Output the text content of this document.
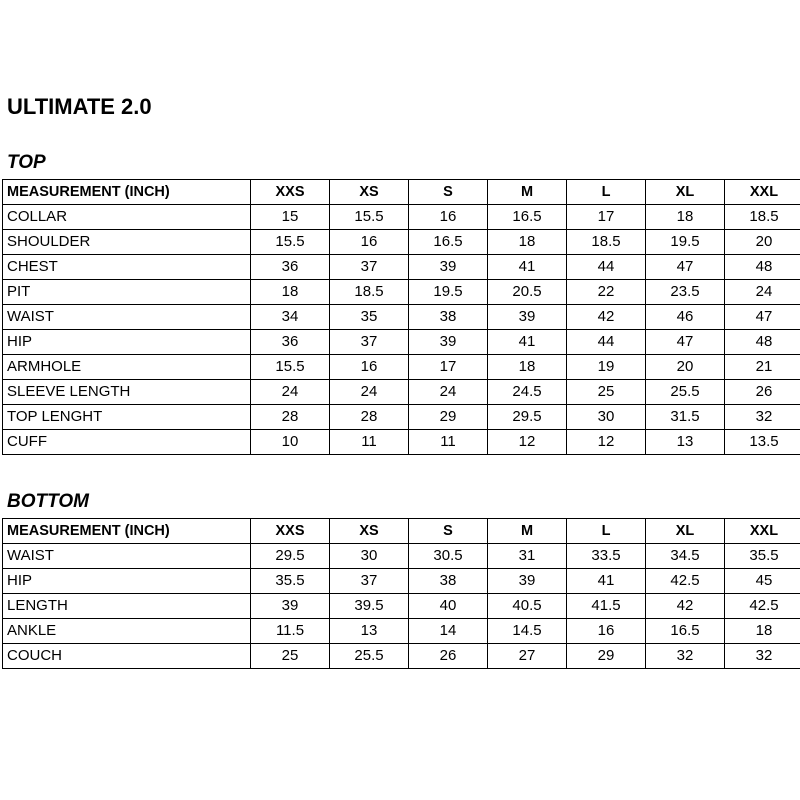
ULTIMATE 2.0
TOP
MEASUREMENT (INCH)	XXS	XS	S	M	L	XL	XXL
COLLAR	15	15.5	16	16.5	17	18	18.5
SHOULDER	15.5	16	16.5	18	18.5	19.5	20
CHEST	36	37	39	41	44	47	48
PIT	18	18.5	19.5	20.5	22	23.5	24
WAIST	34	35	38	39	42	46	47
HIP	36	37	39	41	44	47	48
ARMHOLE	15.5	16	17	18	19	20	21
SLEEVE LENGTH	24	24	24	24.5	25	25.5	26
TOP LENGHT	28	28	29	29.5	30	31.5	32
CUFF	10	11	11	12	12	13	13.5
BOTTOM
MEASUREMENT (INCH)	XXS	XS	S	M	L	XL	XXL
WAIST	29.5	30	30.5	31	33.5	34.5	35.5
HIP	35.5	37	38	39	41	42.5	45
LENGTH	39	39.5	40	40.5	41.5	42	42.5
ANKLE	11.5	13	14	14.5	16	16.5	18
COUCH	25	25.5	26	27	29	32	32
